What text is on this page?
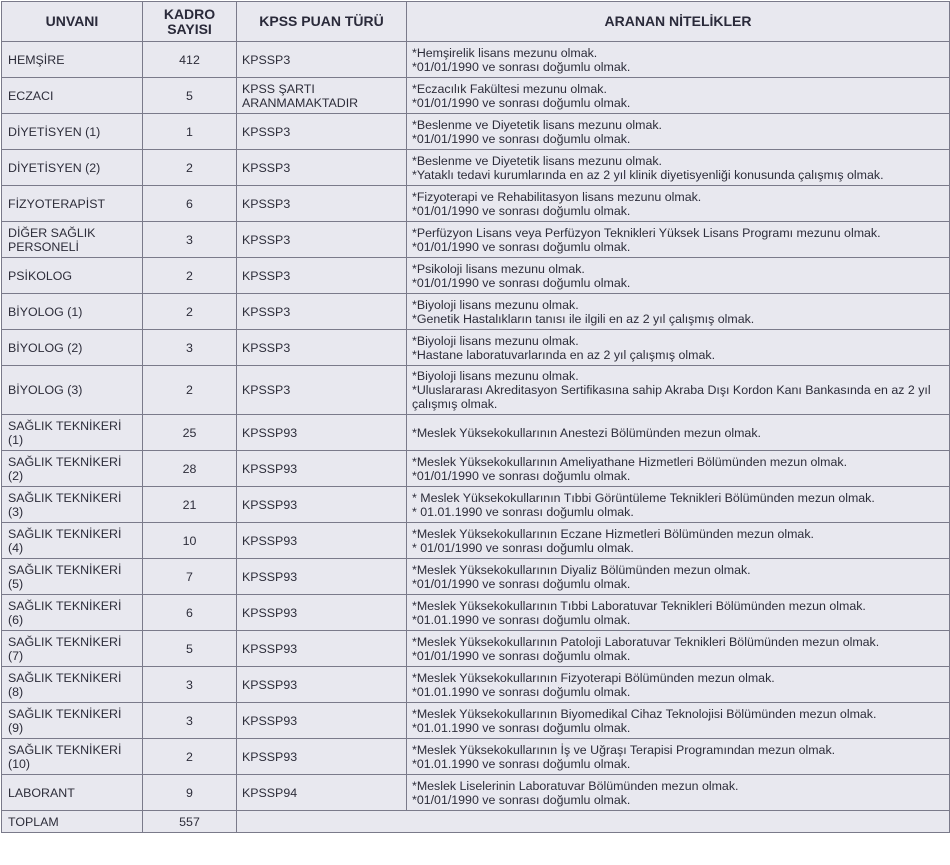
UNVANI	KADRO SAYISI	KPSS PUAN TÜRÜ	ARANAN NİTELİKLER
HEMŞİRE	412	KPSSP3	*Hemşirelik lisans mezunu olmak.
*01/01/1990 ve sonrası doğumlu olmak.

ECZACI	5	KPSS ŞARTI ARANMAMAKTADIR	*Eczacılık Fakültesi mezunu olmak.
*01/01/1990 ve sonrası doğumlu olmak.

DİYETİSYEN (1)	1	KPSSP3	*Beslenme ve Diyetetik lisans mezunu olmak.
*01/01/1990 ve sonrası doğumlu olmak.

DİYETİSYEN (2)	2	KPSSP3	*Beslenme ve Diyetetik lisans mezunu olmak.
*Yataklı tedavi kurumlarında en az 2 yıl klinik diyetisyenliği konusunda çalışmış olmak.

FİZYOTERAPİST	6	KPSSP3	*Fizyoterapi ve Rehabilitasyon lisans mezunu olmak.
*01/01/1990 ve sonrası doğumlu olmak.

DİĞER SAĞLIK PERSONELİ	3	KPSSP3	*Perfüzyon Lisans veya Perfüzyon Teknikleri Yüksek Lisans Programı mezunu olmak.
*01/01/1990 ve sonrası doğumlu olmak.

PSİKOLOG	2	KPSSP3	*Psikoloji lisans mezunu olmak.
*01/01/1990 ve sonrası doğumlu olmak.

BİYOLOG (1)	2	KPSSP3	*Biyoloji lisans mezunu olmak.
*Genetik Hastalıkların tanısı ile ilgili en az 2 yıl çalışmış olmak.

BİYOLOG (2)	3	KPSSP3	*Biyoloji lisans mezunu olmak.
*Hastane laboratuvarlarında en az 2 yıl çalışmış olmak.

BİYOLOG (3)	2	KPSSP3	*Biyoloji lisans mezunu olmak.
*Uluslararası Akreditasyon Sertifikasına sahip Akraba Dışı Kordon Kanı Bankasında en az 2 yıl çalışmış olmak.

SAĞLIK TEKNİKERİ (1)	25	KPSSP93	*Meslek Yüksekokullarının Anestezi Bölümünden mezun olmak.

SAĞLIK TEKNİKERİ (2)	28	KPSSP93	*Meslek Yüksekokullarının Ameliyathane Hizmetleri Bölümünden mezun olmak.
*01/01/1990 ve sonrası doğumlu olmak.

SAĞLIK TEKNİKERİ (3)	21	KPSSP93	* Meslek Yüksekokullarının Tıbbi Görüntüleme Teknikleri Bölümünden mezun olmak.
* 01.01.1990 ve sonrası doğumlu olmak.

SAĞLIK TEKNİKERİ (4)	10	KPSSP93	*Meslek Yüksekokullarının Eczane Hizmetleri Bölümünden mezun olmak.
* 01/01/1990 ve sonrası doğumlu olmak.

SAĞLIK TEKNİKERİ (5)	7	KPSSP93	*Meslek Yüksekokullarının Diyaliz Bölümünden mezun olmak.
*01/01/1990 ve sonrası doğumlu olmak.

SAĞLIK TEKNİKERİ (6)	6	KPSSP93	*Meslek Yüksekokullarının Tıbbi Laboratuvar Teknikleri Bölümünden mezun olmak.
*01.01.1990 ve sonrası doğumlu olmak.

SAĞLIK TEKNİKERİ (7)	5	KPSSP93	*Meslek Yüksekokullarının Patoloji Laboratuvar Teknikleri Bölümünden mezun olmak.
*01/01/1990 ve sonrası doğumlu olmak.

SAĞLIK TEKNİKERİ (8)	3	KPSSP93	*Meslek Yüksekokullarının Fizyoterapi Bölümünden mezun olmak.
*01.01.1990 ve sonrası doğumlu olmak.

SAĞLIK TEKNİKERİ (9)	3	KPSSP93	*Meslek Yüksekokullarının Biyomedikal Cihaz Teknolojisi Bölümünden mezun olmak.
*01.01.1990 ve sonrası doğumlu olmak.

SAĞLIK TEKNİKERİ (10)	2	KPSSP93	*Meslek Yüksekokullarının İş ve Uğraşı Terapisi Programından mezun olmak.
*01.01.1990 ve sonrası doğumlu olmak.

LABORANT	9	KPSSP94	*Meslek Liselerinin Laboratuvar Bölümünden mezun olmak.
*01/01/1990 ve sonrası doğumlu olmak.

TOPLAM	557		
